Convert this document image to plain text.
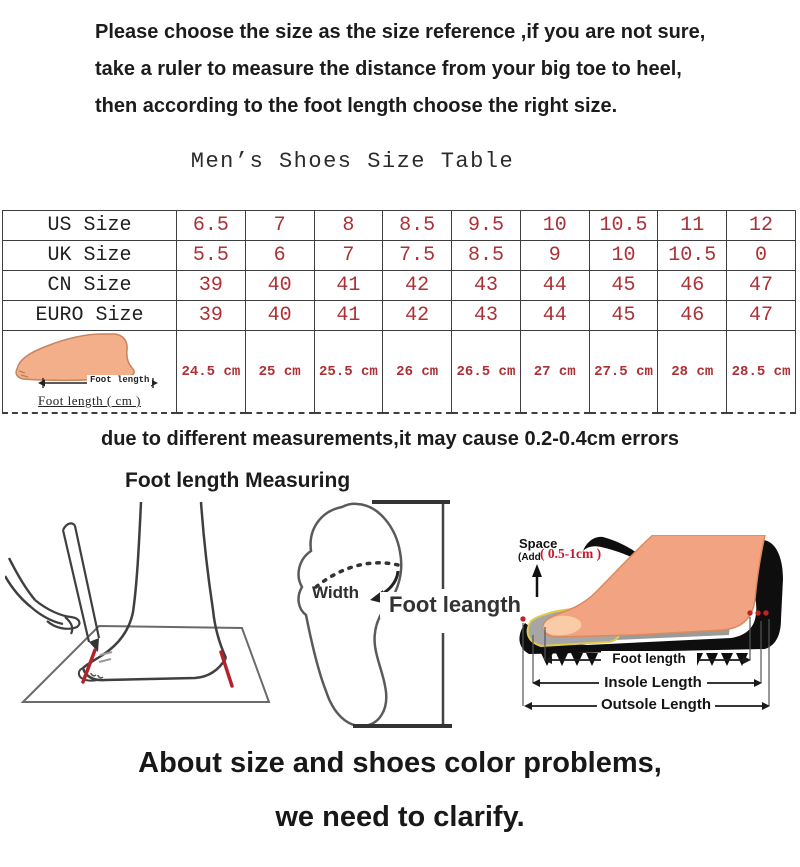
Please choose the size as the size reference ,if you are not sure,
take a ruler to measure the distance from your big toe to heel,
then according to the foot length choose the right size.
Men’s Shoes Size Table
US Size	6.5	7	8	8.5	9.5	10	10.5	11	12
UK Size	5.5	6	7	7.5	8.5	9	10	10.5	0
CN Size	39	40	41	42	43	44	45	46	47
EURO Size	39	40	41	42	43	44	45	46	47

Foot length
Foot length ( cm )	24.5 cm	25 cm	25.5 cm	26 cm	26.5 cm	27 cm	27.5 cm	28 cm	28.5 cm
due to different measurements,it may cause 0.2-0.4cm errors
Foot length Measuring
Width	Foot leangth
Space
(Add ( 0.5-1cm )
Foot length
Insole Length
Outsole Length
About size and shoes color problems,
we need to clarify.
